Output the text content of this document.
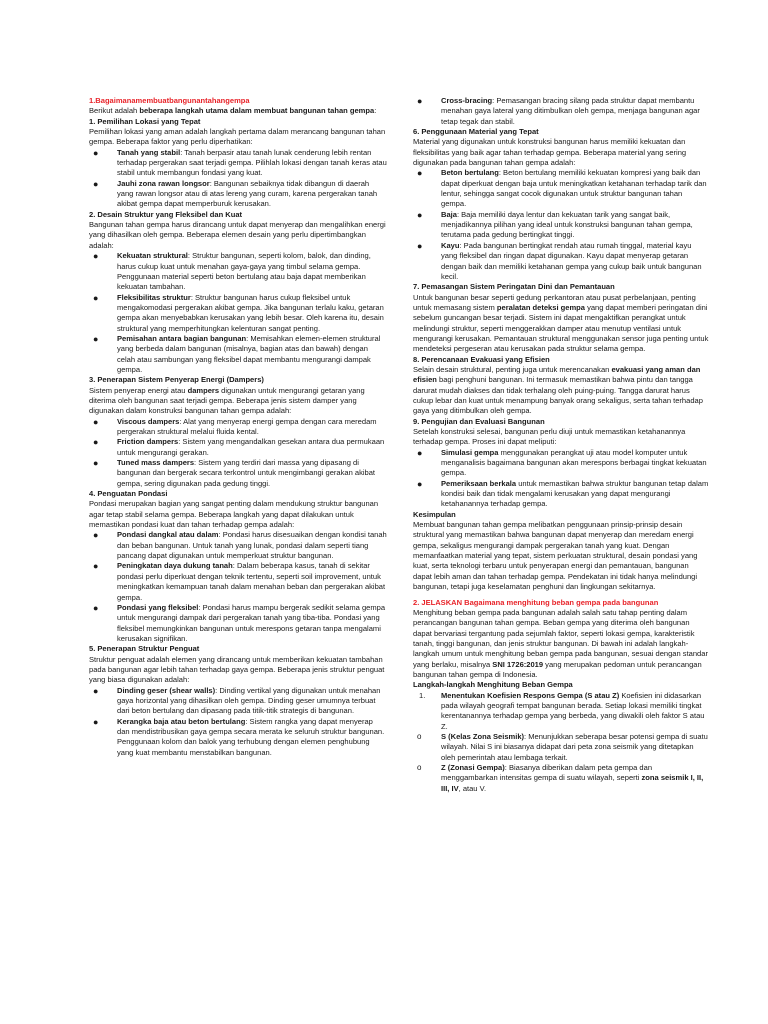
1.Bagaimanamembuatbangunantahangempa

Berikut adalah beberapa langkah utama dalam membuat bangunan tahan gempa:

1. Pemilihan Lokasi yang Tepat

Pemilihan lokasi yang aman adalah langkah pertama dalam merancang bangunan tahan gempa. Beberapa faktor yang perlu diperhatikan:
● Tanah yang stabil: Tanah berpasir atau tanah lunak cenderung lebih rentan terhadap pergerakan saat terjadi gempa. Pilihlah lokasi dengan tanah keras atau stabil untuk membangun fondasi yang kuat.
● Jauhi zona rawan longsor: Bangunan sebaiknya tidak dibangun di daerah yang rawan longsor atau di atas lereng yang curam, karena pergerakan tanah akibat gempa dapat memperburuk kerusakan.

2. Desain Struktur yang Fleksibel dan Kuat

Bangunan tahan gempa harus dirancang untuk dapat menyerap dan mengalihkan energi yang dihasilkan oleh gempa. Beberapa elemen desain yang perlu dipertimbangkan adalah:
● Kekuatan struktural: Struktur bangunan, seperti kolom, balok, dan dinding, harus cukup kuat untuk menahan gaya-gaya yang timbul selama gempa. Penggunaan material seperti beton bertulang atau baja dapat memberikan kekuatan tambahan.
● Fleksibilitas struktur: Struktur bangunan harus cukup fleksibel untuk mengakomodasi pergerakan akibat gempa. Jika bangunan terlalu kaku, getaran gempa akan menyebabkan kerusakan yang lebih besar. Oleh karena itu, desain struktural yang memperhitungkan kelenturan sangat penting.
● Pemisahan antara bagian bangunan: Memisahkan elemen-elemen struktural yang berbeda dalam bangunan (misalnya, bagian atas dan bawah) dengan celah atau sambungan yang fleksibel dapat membantu mengurangi dampak gempa.

3. Penerapan Sistem Penyerap Energi (Dampers)

Sistem penyerap energi atau dampers digunakan untuk mengurangi getaran yang diterima oleh bangunan saat terjadi gempa. Beberapa jenis sistem damper yang digunakan dalam konstruksi bangunan tahan gempa adalah:
● Viscous dampers: Alat yang menyerap energi gempa dengan cara meredam pergerakan struktural melalui fluida kental.
● Friction dampers: Sistem yang mengandalkan gesekan antara dua permukaan untuk mengurangi gerakan.
● Tuned mass dampers: Sistem yang terdiri dari massa yang dipasang di bangunan dan bergerak secara terkontrol untuk mengimbangi gerakan akibat gempa, sering digunakan pada gedung tinggi.

4. Penguatan Pondasi

Pondasi merupakan bagian yang sangat penting dalam mendukung struktur bangunan agar tetap stabil selama gempa. Beberapa langkah yang dapat dilakukan untuk memastikan pondasi kuat dan tahan terhadap gempa adalah:
● Pondasi dangkal atau dalam: Pondasi harus disesuaikan dengan kondisi tanah dan beban bangunan. Untuk tanah yang lunak, pondasi dalam seperti tiang pancang dapat digunakan untuk memperkuat struktur bangunan.
● Peningkatan daya dukung tanah: Dalam beberapa kasus, tanah di sekitar pondasi perlu diperkuat dengan teknik tertentu, seperti soil improvement, untuk meningkatkan kemampuan tanah dalam menahan beban dan pergerakan akibat gempa.
● Pondasi yang fleksibel: Pondasi harus mampu bergerak sedikit selama gempa untuk mengurangi dampak dari pergerakan tanah yang tiba-tiba. Pondasi yang fleksibel memungkinkan bangunan untuk merespons getaran tanpa mengalami kerusakan signifikan.

5. Penerapan Struktur Penguat

Struktur penguat adalah elemen yang dirancang untuk memberikan kekuatan tambahan pada bangunan agar lebih tahan terhadap gaya gempa. Beberapa jenis struktur penguat yang biasa digunakan adalah:
● Dinding geser (shear walls): Dinding vertikal yang digunakan untuk menahan gaya horizontal yang dihasilkan oleh gempa. Dinding geser umumnya terbuat dari beton bertulang dan dipasang pada titik-titik strategis di bangunan.
● Kerangka baja atau beton bertulang: Sistem rangka yang dapat menyerap dan mendistribusikan gaya gempa secara merata ke seluruh struktur bangunan. Penggunaan kolom dan balok yang terhubung dengan elemen penghubung yang kuat membantu menstabilkan bangunan.
● Cross-bracing: Pemasangan bracing silang pada struktur dapat membantu menahan gaya lateral yang ditimbulkan oleh gempa, menjaga bangunan agar tetap tegak dan stabil.

6. Penggunaan Material yang Tepat

Material yang digunakan untuk konstruksi bangunan harus memiliki kekuatan dan fleksibilitas yang baik agar tahan terhadap gempa. Beberapa material yang sering digunakan pada bangunan tahan gempa adalah:
● Beton bertulang: Beton bertulang memiliki kekuatan kompresi yang baik dan dapat diperkuat dengan baja untuk meningkatkan ketahanan terhadap tarik dan lentur, sehingga sangat cocok digunakan untuk struktur bangunan tahan gempa.
● Baja: Baja memiliki daya lentur dan kekuatan tarik yang sangat baik, menjadikannya pilihan yang ideal untuk konstruksi bangunan tahan gempa, terutama pada gedung bertingkat tinggi.
● Kayu: Pada bangunan bertingkat rendah atau rumah tinggal, material kayu yang fleksibel dan ringan dapat digunakan. Kayu dapat menyerap getaran dengan baik dan memiliki ketahanan gempa yang cukup baik untuk bangunan kecil.

7. Pemasangan Sistem Peringatan Dini dan Pemantauan

Untuk bangunan besar seperti gedung perkantoran atau pusat perbelanjaan, penting untuk memasang sistem peralatan deteksi gempa yang dapat memberi peringatan dini sebelum guncangan besar terjadi. Sistem ini dapat mengaktifkan perangkat untuk melindungi struktur, seperti menggerakkan damper atau menutup ventilasi untuk mengurangi kerusakan. Pemantauan struktural menggunakan sensor juga penting untuk mendeteksi pergeseran atau kerusakan pada struktur selama gempa.

8. Perencanaan Evakuasi yang Efisien

Selain desain struktural, penting juga untuk merencanakan evakuasi yang aman dan efisien bagi penghuni bangunan. Ini termasuk memastikan bahwa pintu dan tangga darurat mudah diakses dan tidak terhalang oleh puing-puing. Tangga darurat harus cukup lebar dan kuat untuk menampung banyak orang sekaligus, serta tahan terhadap gaya yang ditimbulkan oleh gempa.

9. Pengujian dan Evaluasi Bangunan

Setelah konstruksi selesai, bangunan perlu diuji untuk memastikan ketahanannya terhadap gempa. Proses ini dapat meliputi:
● Simulasi gempa menggunakan perangkat uji atau model komputer untuk menganalisis bagaimana bangunan akan merespons berbagai tingkat kekuatan gempa.
● Pemeriksaan berkala untuk memastikan bahwa struktur bangunan tetap dalam kondisi baik dan tidak mengalami kerusakan yang dapat mengurangi ketahanannya terhadap gempa.

Kesimpulan

Membuat bangunan tahan gempa melibatkan penggunaan prinsip-prinsip desain struktural yang memastikan bahwa bangunan dapat menyerap dan meredam energi gempa, sekaligus mengurangi dampak pergerakan tanah yang kuat. Dengan memanfaatkan material yang tepat, sistem perkuatan struktural, desain pondasi yang kuat, serta teknologi terbaru untuk penyerapan energi dan pemantauan, bangunan dapat lebih aman dan tahan terhadap gempa. Pendekatan ini tidak hanya melindungi bangunan, tetapi juga keselamatan penghuni dan lingkungan sekitarnya.

2. JELASKAN Bagaimana menghitung beban gempa pada bangunan

Menghitung beban gempa pada bangunan adalah salah satu tahap penting dalam perancangan bangunan tahan gempa. Beban gempa yang diterima oleh bangunan dapat bervariasi tergantung pada sejumlah faktor, seperti lokasi gempa, karakteristik tanah, tinggi bangunan, dan jenis struktur bangunan. Di bawah ini adalah langkah-langkah umum untuk menghitung beban gempa pada bangunan, sesuai dengan standar yang berlaku, misalnya SNI 1726:2019 yang merupakan pedoman untuk perancangan bangunan tahan gempa di Indonesia.

Langkah-langkah Menghitung Beban Gempa

1. Menentukan Koefisien Respons Gempa (S atau Z) Koefisien ini didasarkan pada wilayah geografi tempat bangunan berada. Setiap lokasi memiliki tingkat kerentanannya terhadap gempa yang berbeda, yang diwakili oleh faktor S atau Z.
o	S (Kelas Zona Seismik): Menunjukkan seberapa besar potensi gempa di suatu wilayah. Nilai S ini biasanya didapat dari peta zona seismik yang ditetapkan oleh pemerintah atau lembaga terkait.
o	Z (Zonasi Gempa): Biasanya diberikan dalam peta gempa dan menggambarkan intensitas gempa di suatu wilayah, seperti zona seismik I, II, III, IV, atau V.
